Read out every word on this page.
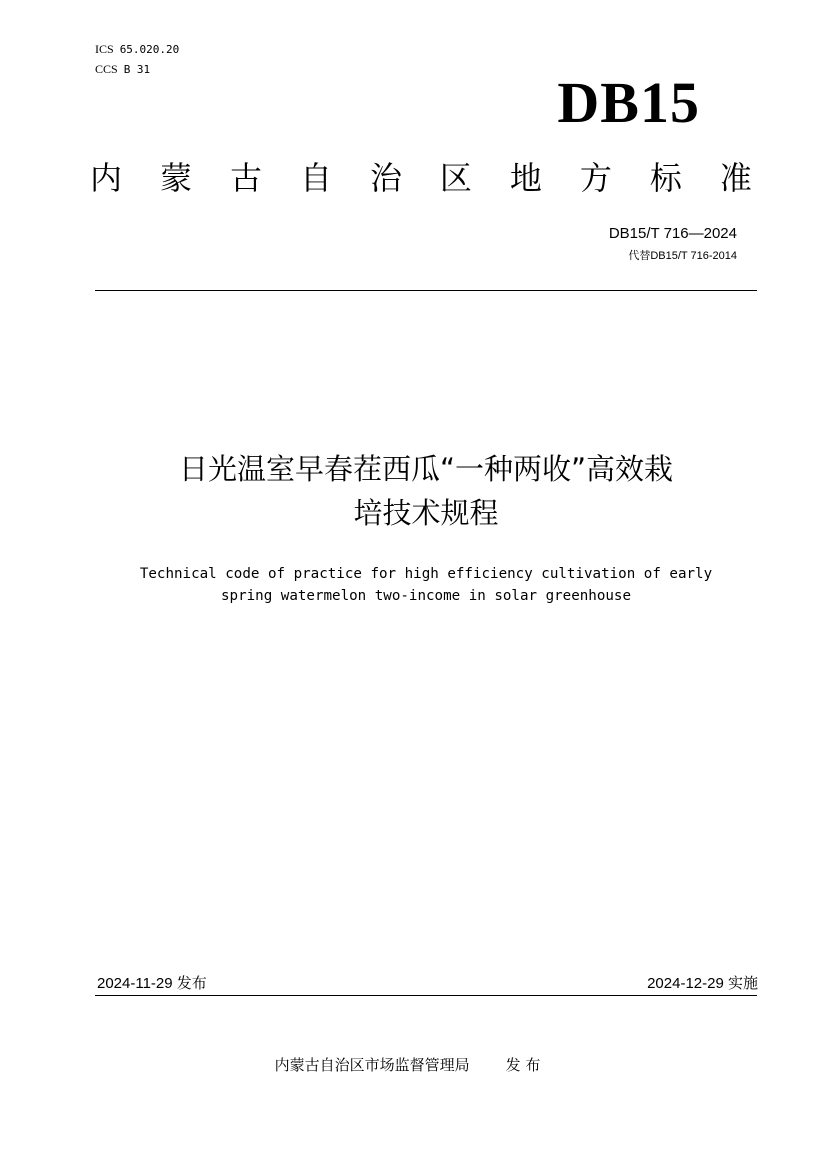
ICS 65.020.20
CCS B 31
DB15
内 蒙 古 自 治 区 地 方 标 准
DB15/T 716—2024
代替DB15/T 716-2014
日光温室早春茬西瓜“一种两收”高效栽
培技术规程
Technical code of practice for high efficiency cultivation of early
spring watermelon two-income in solar greenhouse
2024-11-29 发布	2024-12-29 实施
内蒙古自治区市场监督管理局 发 布
